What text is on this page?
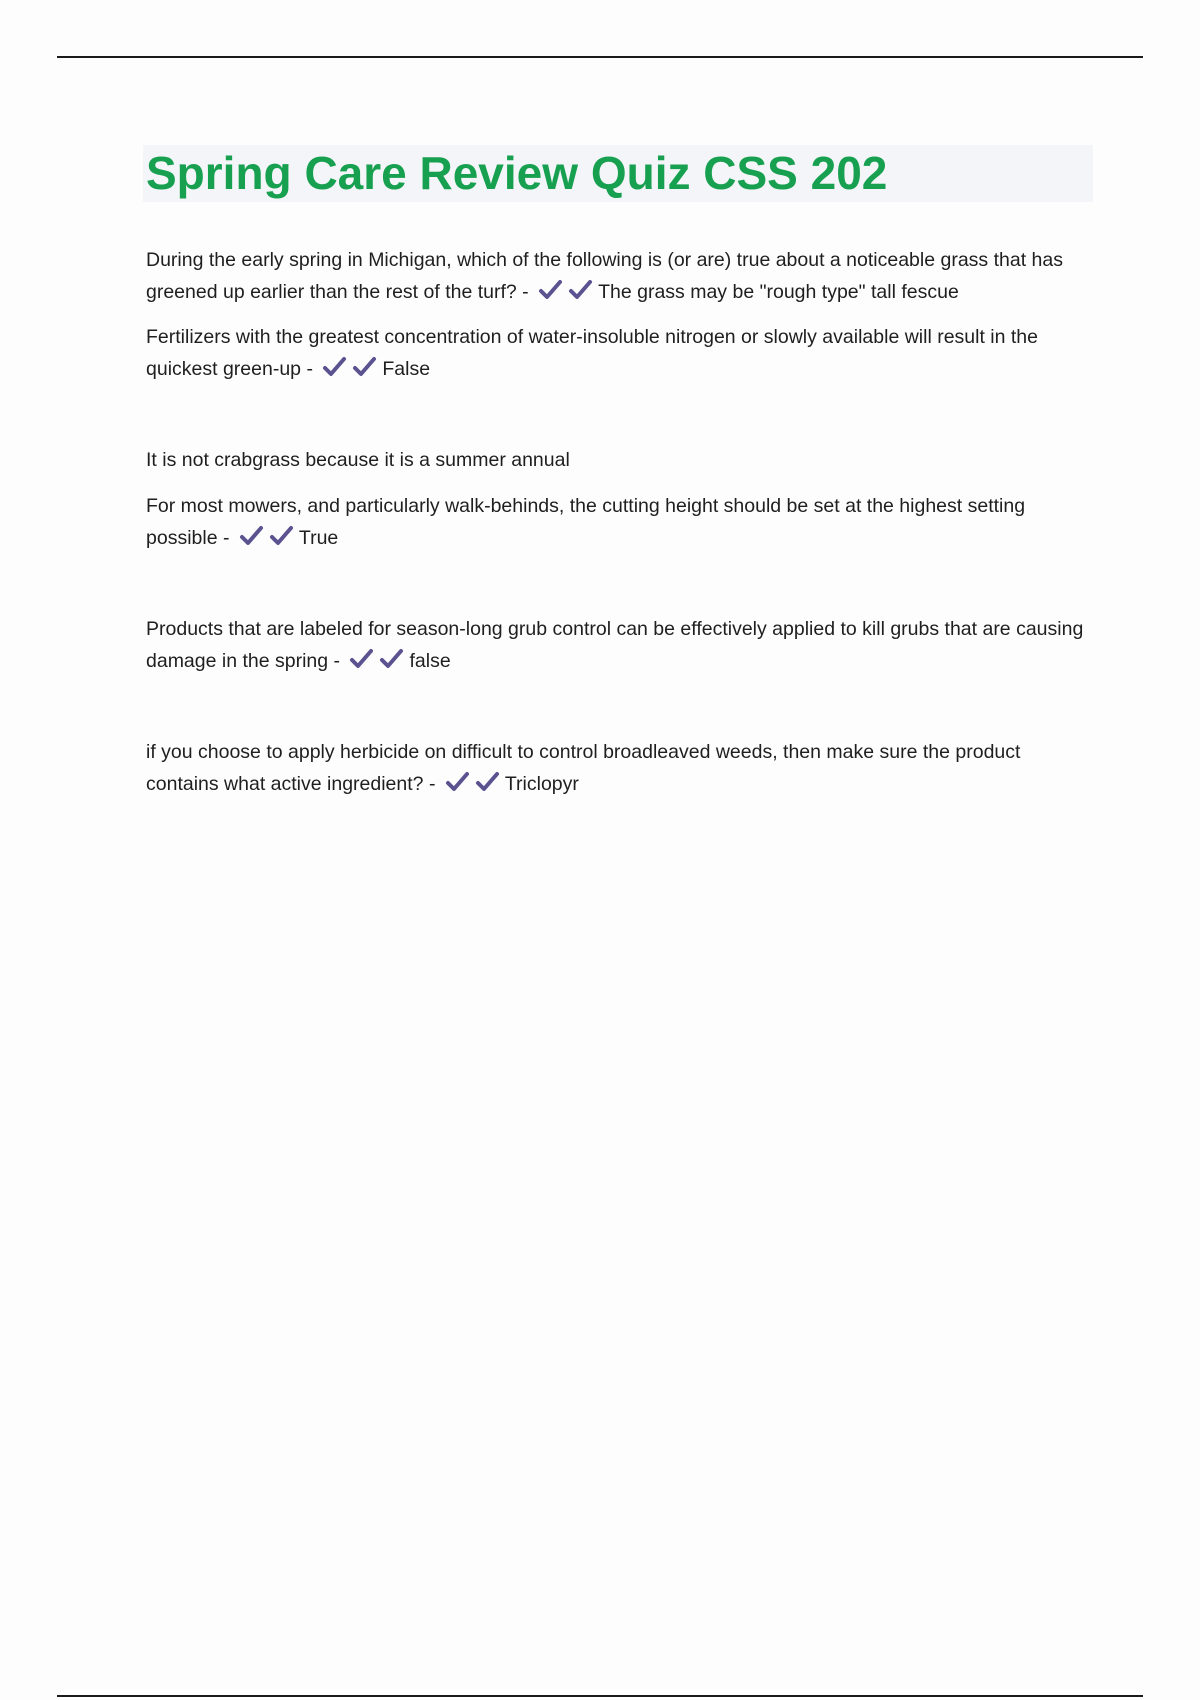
Spring Care Review Quiz CSS 202

During the early spring in Michigan, which of the following is (or are) true about a noticeable grass that has greened up earlier than the rest of the turf? -	The grass may be "rough type" tall fescue

Fertilizers with the greatest concentration of water-insoluble nitrogen or slowly available will result in the quickest green-up -	False

It is not crabgrass because it is a summer annual

For most mowers, and particularly walk-behinds, the cutting height should be set at the highest setting possible -	True

Products that are labeled for season-long grub control can be effectively applied to kill grubs that are causing damage in the spring -	false

if you choose to apply herbicide on difficult to control broadleaved weeds, then make sure the product contains what active ingredient? -	Triclopyr
